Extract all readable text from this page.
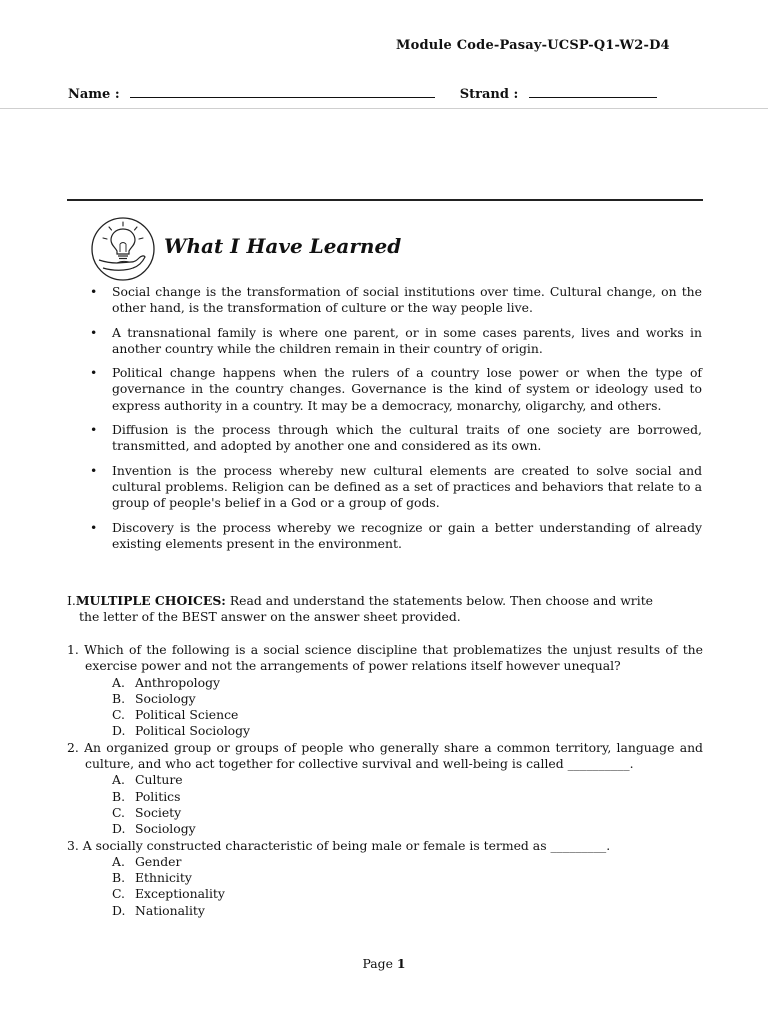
Module Code-Pasay-UCSP-Q1-W2-D4
Name :	Strand :
What I Have Learned
• Social change is the transformation of social institutions over time. Cultural change, on the other hand, is the transformation of culture or the way people live.
• A transnational family is where one parent, or in some cases parents, lives and works in another country while the children remain in their country of origin.
• Political change happens when the rulers of a country lose power or when the type of governance in the country changes. Governance is the kind of system or ideology used to express authority in a country. It may be a democracy, monarchy, oligarchy, and others.
• Diffusion is the process through which the cultural traits of one society are borrowed, transmitted, and adopted by another one and considered as its own.
• Invention is the process whereby new cultural elements are created to solve social and cultural problems. Religion can be defined as a set of practices and behaviors that relate to a group of people's belief in a God or a group of gods.
• Discovery is the process whereby we recognize or gain a better understanding of already existing elements present in the environment.
I.MULTIPLE CHOICES: Read and understand the statements below. Then choose and write
the letter of the BEST answer on the answer sheet provided.
1. Which of the following is a social science discipline that problematizes the unjust results of the exercise power and not the arrangements of power relations itself however unequal?
A. Anthropology
B. Sociology
C. Political Science
D. Political Sociology
2. An organized group or groups of people who generally share a common territory, language and culture, and who act together for collective survival and well-being is called __________.
A. Culture
B. Politics
C. Society
D. Sociology
3. A socially constructed characteristic of being male or female is termed as _________.
A. Gender
B. Ethnicity
C. Exceptionality
D. Nationality
Page 1
